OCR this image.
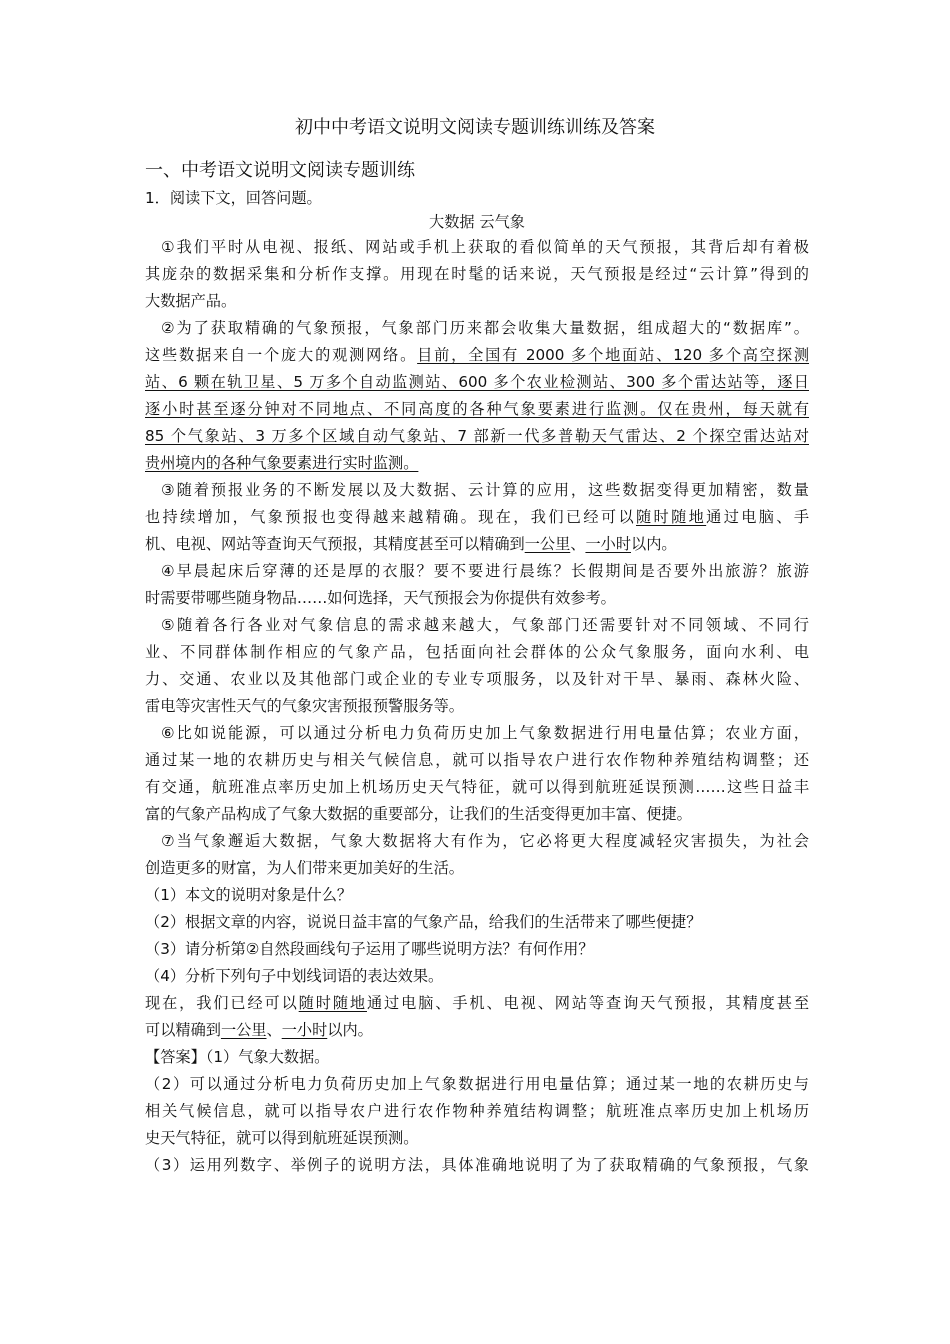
初中中考语文说明文阅读专题训练训练及答案
一、中考语文说明文阅读专题训练
1．阅读下文，回答问题。
大数据 云气象
①我们平时从电视、报纸、网站或手机上获取的看似简单的天气预报，其背后却有着极
其庞杂的数据采集和分析作支撑。用现在时髦的话来说，天气预报是经过“云计算”得到的
大数据产品。
②为了获取精确的气象预报，气象部门历来都会收集大量数据，组成超大的“数据库”。
这些数据来自一个庞大的观测网络。目前，全国有 2000 多个地面站、120 多个高空探测
站、6 颗在轨卫星、5 万多个自动监测站、600 多个农业检测站、300 多个雷达站等，逐日
逐小时甚至逐分钟对不同地点、不同高度的各种气象要素进行监测。仅在贵州，每天就有
85 个气象站、3 万多个区域自动气象站、7 部新一代多普勒天气雷达、2 个探空雷达站对
贵州境内的各种气象要素进行实时监测。
③随着预报业务的不断发展以及大数据、云计算的应用，这些数据变得更加精密，数量
也持续增加，气象预报也变得越来越精确。现在，我们已经可以随时随地通过电脑、手
机、电视、网站等查询天气预报，其精度甚至可以精确到一公里、一小时以内。
④早晨起床后穿薄的还是厚的衣服？要不要进行晨练？长假期间是否要外出旅游？旅游
时需要带哪些随身物品……如何选择，天气预报会为你提供有效参考。
⑤随着各行各业对气象信息的需求越来越大，气象部门还需要针对不同领域、不同行
业、不同群体制作相应的气象产品，包括面向社会群体的公众气象服务，面向水利、电
力、交通、农业以及其他部门或企业的专业专项服务，以及针对干旱、暴雨、森林火险、
雷电等灾害性天气的气象灾害预报预警服务等。
⑥比如说能源，可以通过分析电力负荷历史加上气象数据进行用电量估算；农业方面，
通过某一地的农耕历史与相关气候信息，就可以指导农户进行农作物种养殖结构调整；还
有交通，航班准点率历史加上机场历史天气特征，就可以得到航班延误预测……这些日益丰
富的气象产品构成了气象大数据的重要部分，让我们的生活变得更加丰富、便捷。
⑦当气象邂逅大数据，气象大数据将大有作为，它必将更大程度减轻灾害损失，为社会
创造更多的财富，为人们带来更加美好的生活。
（1）本文的说明对象是什么？
（2）根据文章的内容，说说日益丰富的气象产品，给我们的生活带来了哪些便捷？
（3）请分析第②自然段画线句子运用了哪些说明方法？有何作用？
（4）分析下列句子中划线词语的表达效果。
现在，我们已经可以随时随地通过电脑、手机、电视、网站等查询天气预报，其精度甚至
可以精确到一公里、一小时以内。
【答案】（1）气象大数据。
（2）可以通过分析电力负荷历史加上气象数据进行用电量估算；通过某一地的农耕历史与
相关气候信息，就可以指导农户进行农作物种养殖结构调整；航班准点率历史加上机场历
史天气特征，就可以得到航班延误预测。
（3）运用列数字、举例子的说明方法，具体准确地说明了为了获取精确的气象预报，气象
